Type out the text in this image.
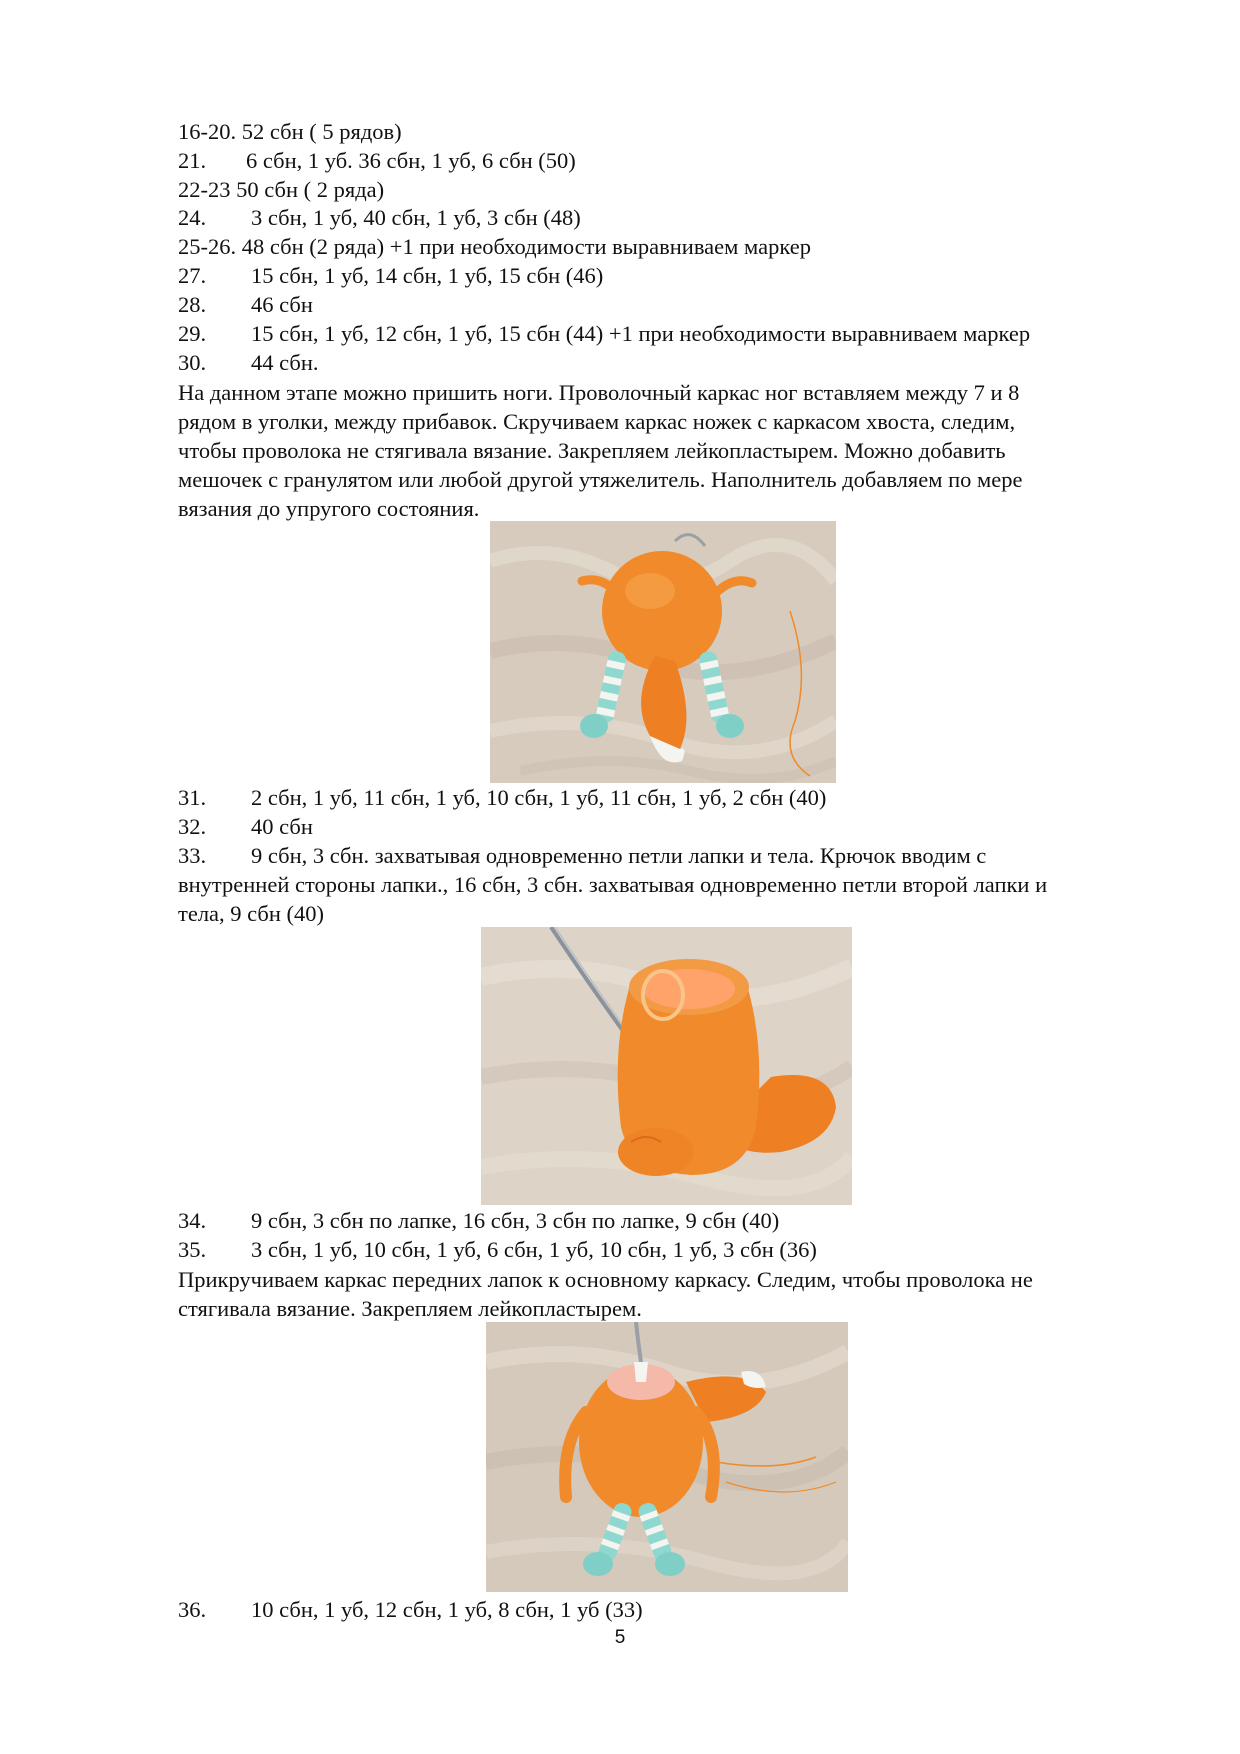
16-20. 52 сбн ( 5 рядов)
21. 6 сбн, 1 уб. 36 сбн, 1 уб, 6 сбн (50)
22-23 50 сбн ( 2 ряда)
24. 3 сбн, 1 уб, 40 сбн, 1 уб, 3 сбн (48)
25-26. 48 сбн (2 ряда) +1 при необходимости выравниваем маркер
27. 15 сбн, 1 уб, 14 сбн, 1 уб, 15 сбн (46)
28. 46 сбн
29. 15 сбн, 1 уб, 12 сбн, 1 уб, 15 сбн (44) +1 при необходимости выравниваем маркер
30. 44 сбн.
На данном этапе можно пришить ноги. Проволочный каркас ног вставляем между 7 и 8
рядом в уголки, между прибавок. Скручиваем каркас ножек с каркасом хвоста, следим,
чтобы проволока не стягивала вязание. Закрепляем лейкопластырем. Можно добавить
мешочек с гранулятом или любой другой утяжелитель. Наполнитель добавляем по мере
вязания до упругого состояния.
31. 2 сбн, 1 уб, 11 сбн, 1 уб, 10 сбн, 1 уб, 11 сбн, 1 уб, 2 сбн (40)
32. 40 сбн
33. 9 сбн, 3 сбн. захватывая одновременно петли лапки и тела. Крючок вводим с
внутренней стороны лапки., 16 сбн, 3 сбн. захватывая одновременно петли второй лапки и
тела, 9 сбн (40)
34. 9 сбн, 3 сбн по лапке, 16 сбн, 3 сбн по лапке, 9 сбн (40)
35. 3 сбн, 1 уб, 10 сбн, 1 уб, 6 сбн, 1 уб, 10 сбн, 1 уб, 3 сбн (36)
Прикручиваем каркас передних лапок к основному каркасу. Следим, чтобы проволока не
стягивала вязание. Закрепляем лейкопластырем.
36. 10 сбн, 1 уб, 12 сбн, 1 уб, 8 сбн, 1 уб (33)
5
